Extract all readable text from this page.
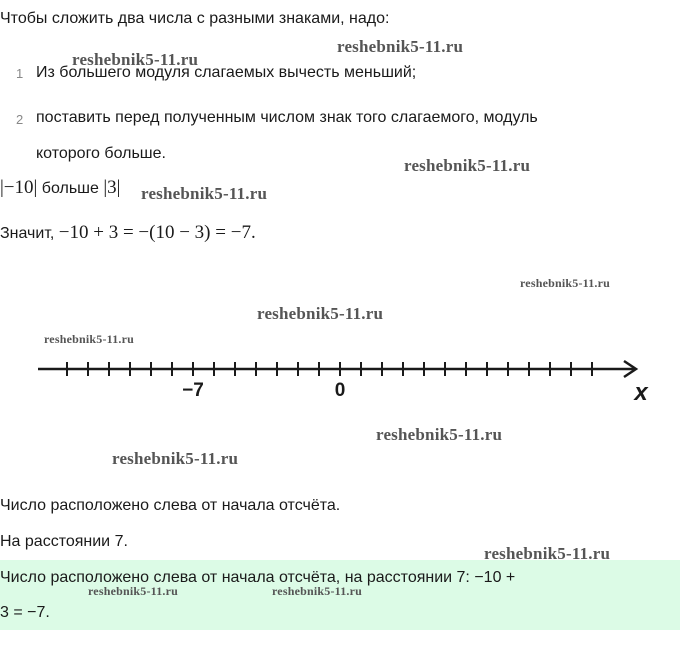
Чтобы сложить два числа с разными знаками, надо:
1 Из большего модуля слагаемых вычесть меньший;
2 поставить перед полученным числом знак того слагаемого, модуль
которого больше.
|−10| больше |3|
Значит, −10 + 3 = −(10 − 3) = −7.
−7	0	x
Число расположено слева от начала отсчёта.
На расстоянии 7.
Число расположено слева от начала отсчёта, на расстоянии 7: −10 +
3 = −7.
reshebnik5-11.ru
reshebnik5-11.ru
reshebnik5-11.ru
reshebnik5-11.ru
reshebnik5-11.ru
reshebnik5-11.ru
reshebnik5-11.ru
reshebnik5-11.ru
reshebnik5-11.ru
reshebnik5-11.ru
reshebnik5-11.ru	reshebnik5-11.ru
